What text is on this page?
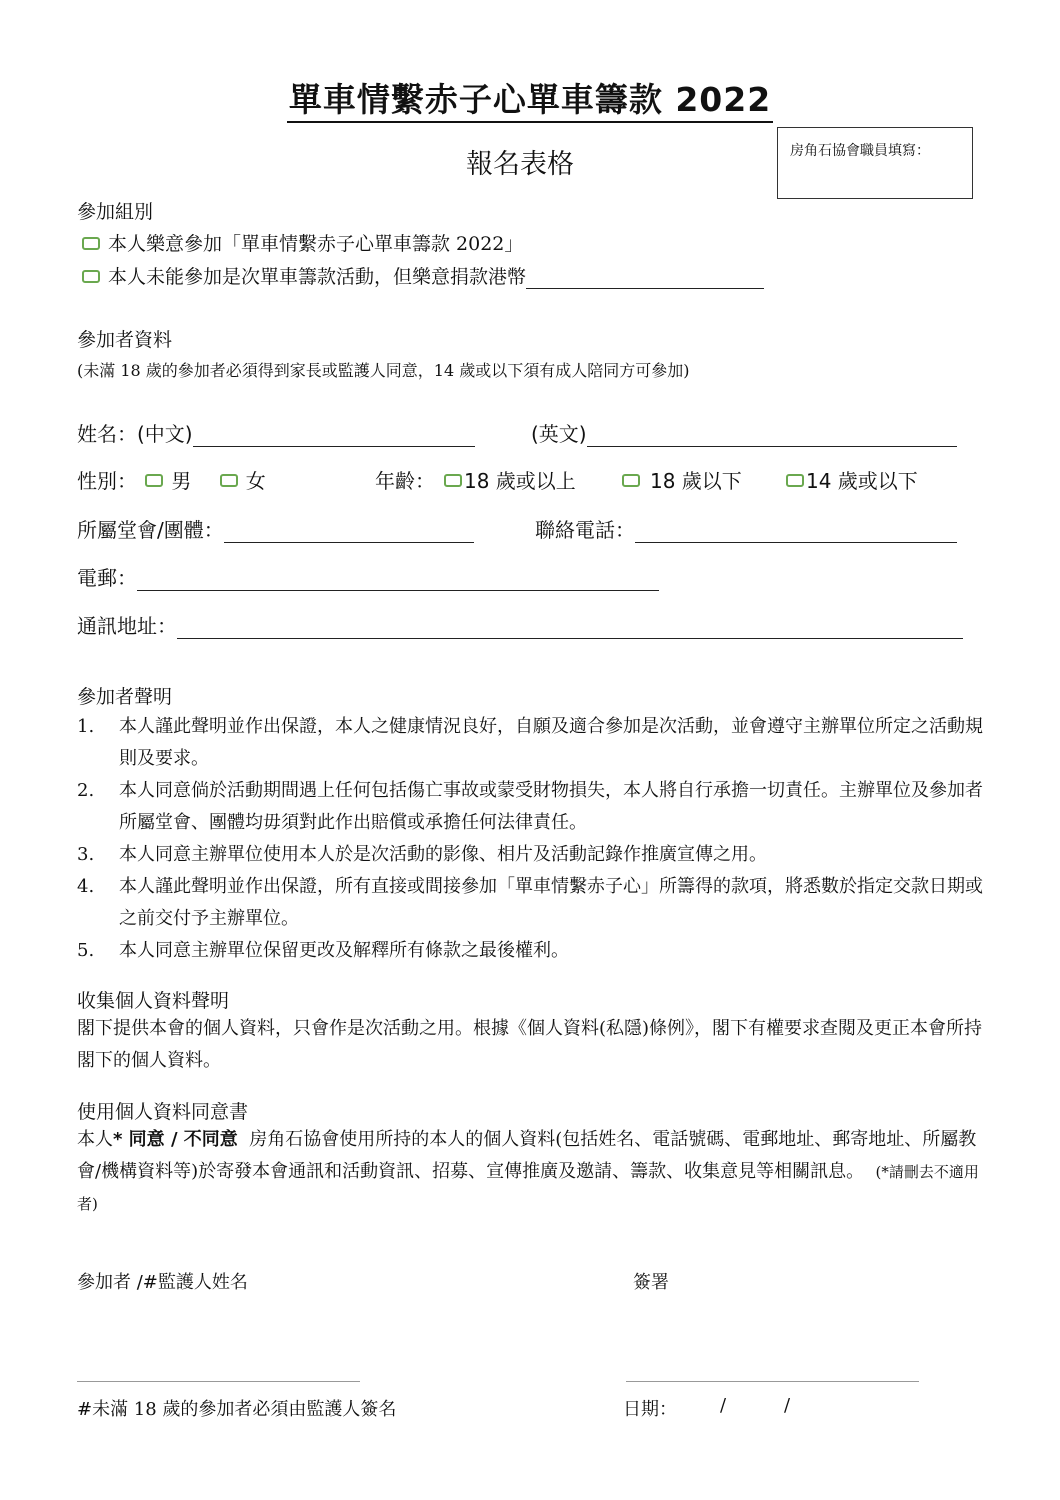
單車情繫赤子心單車籌款 2022
報名表格	房角石協會職員填寫：
參加組別
本人樂意參加「單車情繫赤子心單車籌款 2022」
本人未能參加是次單車籌款活動，但樂意捐款港幣
參加者資料
(未滿 18 歲的參加者必須得到家長或監護人同意，14 歲或以下須有成人陪同方可參加)
姓名：(中文)	(英文)
性別： 男	女	年齡：	18 歲或以上	18 歲以下	14 歲或以下
所屬堂會/團體：	聯絡電話：
電郵：
通訊地址：
參加者聲明
1.	本人謹此聲明並作出保證，本人之健康情況良好，自願及適合參加是次活動，並會遵守主辦單位所定之活動規則及要求。
2.	本人同意倘於活動期間遇上任何包括傷亡事故或蒙受財物損失，本人將自行承擔一切責任。主辦單位及參加者所屬堂會、團體均毋須對此作出賠償或承擔任何法律責任。
3.	本人同意主辦單位使用本人於是次活動的影像、相片及活動記錄作推廣宣傳之用。
4.	本人謹此聲明並作出保證，所有直接或間接參加「單車情繫赤子心」所籌得的款項，將悉數於指定交款日期或之前交付予主辦單位。
5.	本人同意主辦單位保留更改及解釋所有條款之最後權利。
收集個人資料聲明
閣下提供本會的個人資料，只會作是次活動之用。根據《個人資料(私隱)條例》，閣下有權要求查閱及更正本會所持閣下的個人資料。
使用個人資料同意書
本人* 同意 / 不同意 房角石協會使用所持的本人的個人資料(包括姓名、電話號碼、電郵地址、郵寄地址、所屬教會/機構資料等)於寄發本會通訊和活動資訊、招募、宣傳推廣及邀請、籌款、收集意見等相關訊息。 (*請刪去不適用者)
參加者 /#監護人姓名	簽署
#未滿 18 歲的參加者必須由監護人簽名	日期： /	/
